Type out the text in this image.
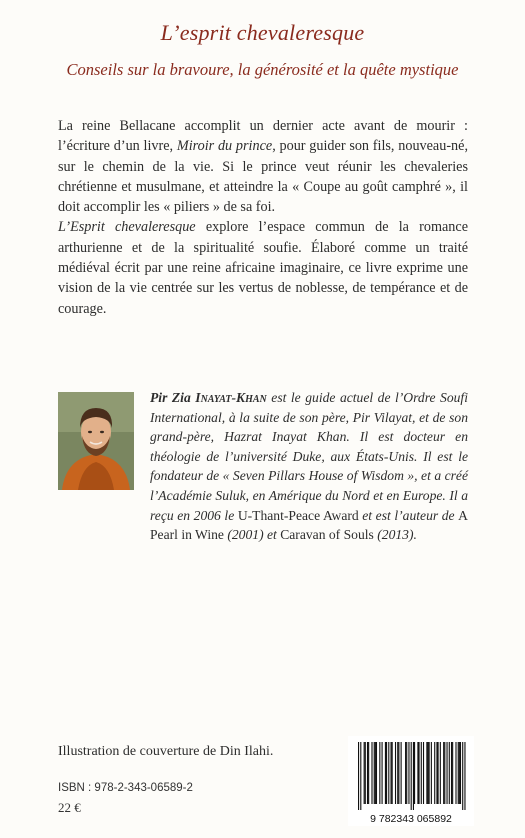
L’esprit chevaleresque
Conseils sur la bravoure, la générosité et la quête mystique

La reine Bellacane accomplit un dernier acte avant de mourir : l’écriture d’un livre, Miroir du prince, pour guider son fils, nouveau-né, sur le chemin de la vie. Si le prince veut réunir les chevaleries chrétienne et musulmane, et atteindre la « Coupe au goût camphré », il doit accomplir les « piliers » de sa foi.

L’Esprit chevaleresque explore l’espace commun de la romance arthurienne et de la spiritualité soufie. Élaboré comme un traité médiéval écrit par une reine africaine imaginaire, ce livre exprime une vision de la vie centrée sur les vertus de noblesse, de tempérance et de courage.

Pir Zia Inayat-Khan est le guide actuel de l’Ordre Soufi International, à la suite de son père, Pir Vilayat, et de son grand-père, Hazrat Inayat Khan. Il est docteur en théologie de l’université Duke, aux États-Unis. Il est le fondateur de « Seven Pillars House of Wisdom », et a créé l’Académie Suluk, en Amérique du Nord et en Europe. Il a reçu en 2006 le U-Thant-Peace Award et est l’auteur de A Pearl in Wine (2001) et Caravan of Souls (2013).

Illustration de couverture de Din Ilahi.
ISBN : 978-2-343-06589-2
22 €
9 782343 065892
